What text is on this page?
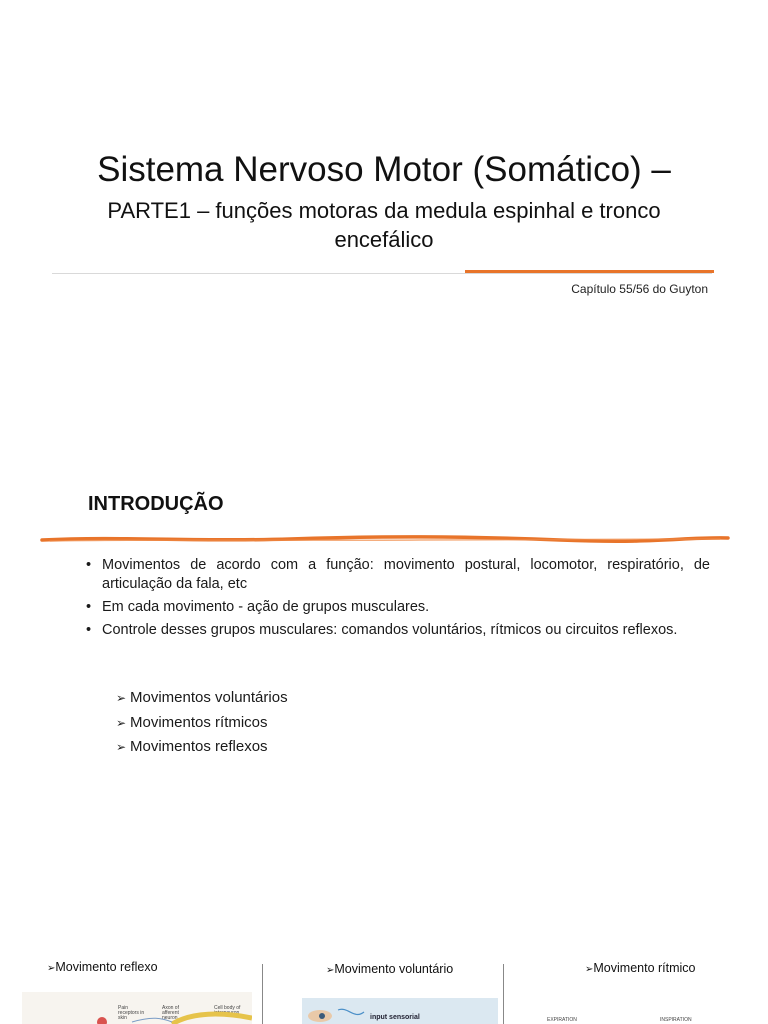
Sistema Nervoso Motor (Somático) –
PARTE1 – funções motoras da medula espinhal e tronco encefálico
Capítulo 55/56 do Guyton
INTRODUÇÃO
• Movimentos de acordo com a função: movimento postural, locomotor, respiratório, de articulação da fala, etc
• Em cada movimento - ação de grupos musculares.
• Controle desses grupos musculares: comandos voluntários, rítmicos ou circuitos reflexos.
➢ Movimentos voluntários
➢ Movimentos rítmicos
➢ Movimentos reflexos
➢Movimento reflexo	➢Movimento voluntário	➢Movimento rítmico
Pain receptors in skin
Axon of afferent neuron
Cell body of interneuron
input sensorial	EXPIRATION	INSPIRATION
